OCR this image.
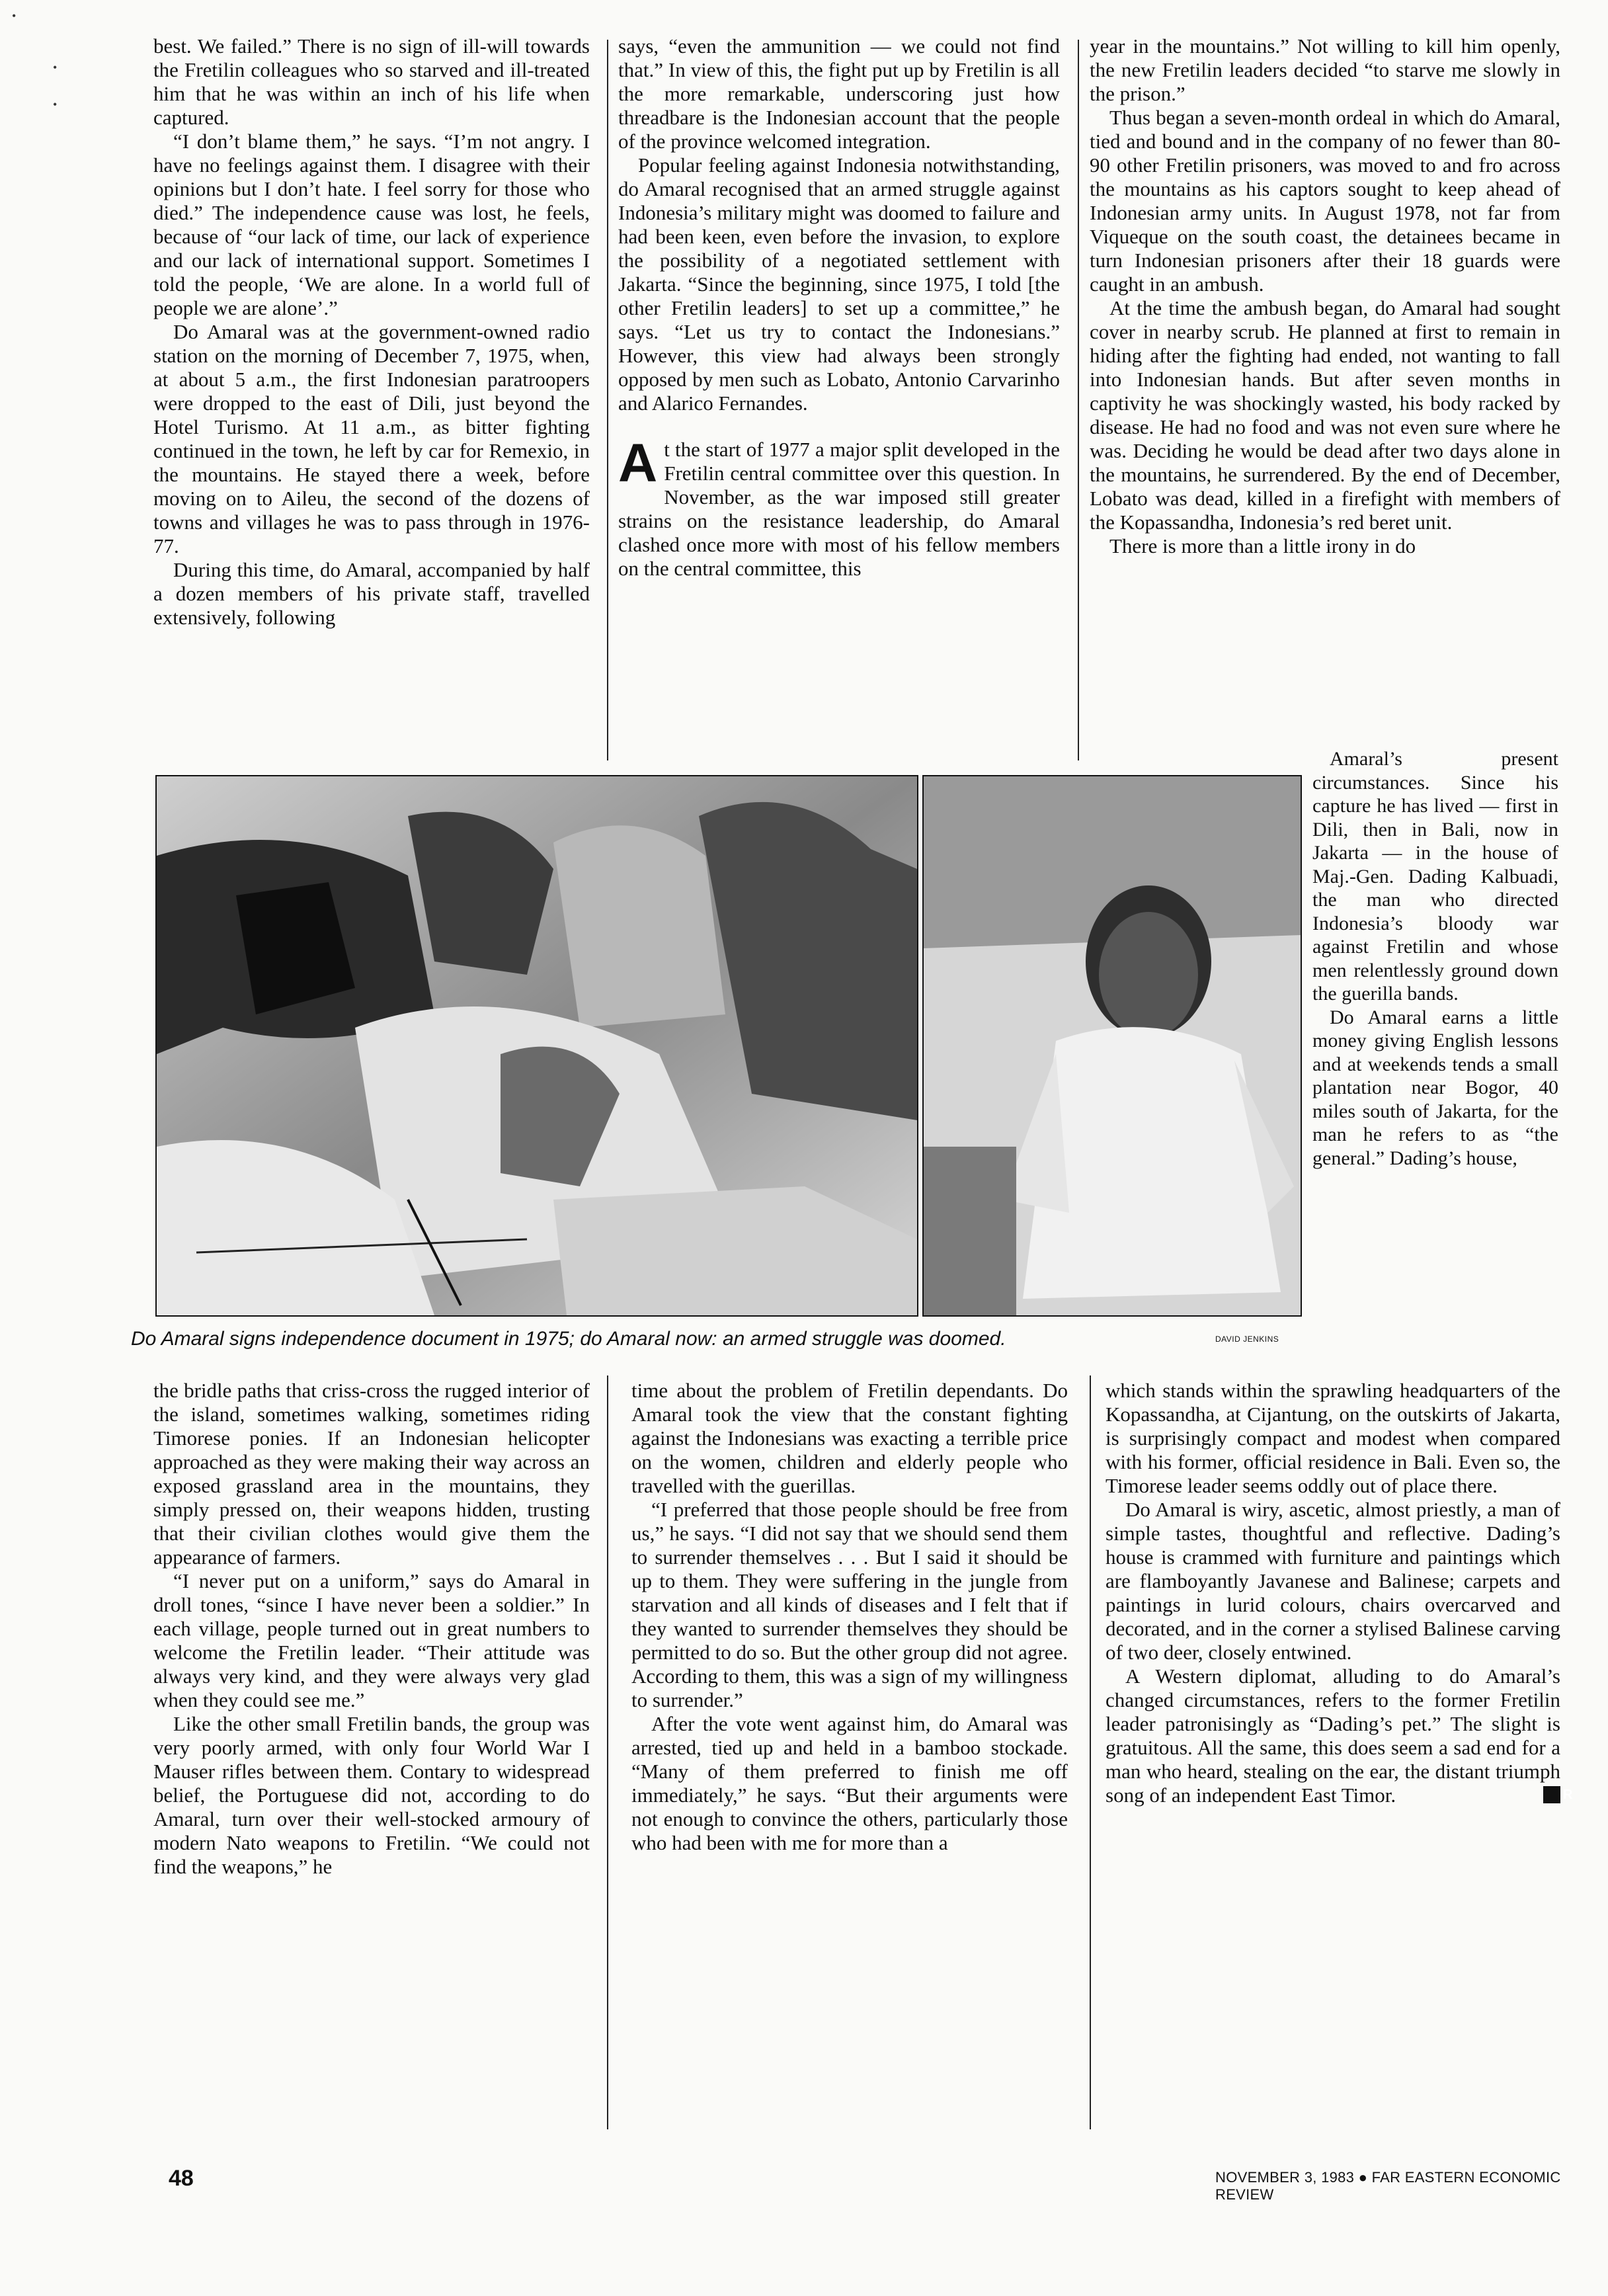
•
•
•

best. We failed.” There is no sign of ill-will towards the Fretilin colleagues who so starved and ill-treated him that he was within an inch of his life when captured.

“I don’t blame them,” he says. “I’m not angry. I have no feelings against them. I disagree with their opinions but I don’t hate. I feel sorry for those who died.” The independence cause was lost, he feels, because of “our lack of time, our lack of experience and our lack of international support. Sometimes I told the people, ‘We are alone. In a world full of people we are alone’.”

Do Amaral was at the government-owned radio station on the morning of December 7, 1975, when, at about 5 a.m., the first Indonesian paratroopers were dropped to the east of Dili, just beyond the Hotel Turismo. At 11 a.m., as bitter fighting continued in the town, he left by car for Remexio, in the mountains. He stayed there a week, before moving on to Aileu, the second of the dozens of towns and villages he was to pass through in 1976-77.

During this time, do Amaral, accompanied by half a dozen members of his private staff, travelled extensively, following

says, “even the ammunition — we could not find that.” In view of this, the fight put up by Fretilin is all the more remarkable, underscoring just how threadbare is the Indonesian account that the people of the province welcomed integration.

Popular feeling against Indonesia notwithstanding, do Amaral recognised that an armed struggle against Indonesia’s military might was doomed to failure and had been keen, even before the invasion, to explore the possibility of a negotiated settlement with Jakarta. “Since the beginning, since 1975, I told [the other Fretilin leaders] to set up a committee,” he says. “Let us try to contact the Indonesians.” However, this view had always been strongly opposed by men such as Lobato, Antonio Carvarinho and Alarico Fernandes.

At the start of 1977 a major split developed in the Fretilin central committee over this question. In November, as the war imposed still greater strains on the resistance leadership, do Amaral clashed once more with most of his fellow members on the central committee, this

year in the mountains.” Not willing to kill him openly, the new Fretilin leaders decided “to starve me slowly in the prison.”

Thus began a seven-month ordeal in which do Amaral, tied and bound and in the company of no fewer than 80-90 other Fretilin prisoners, was moved to and fro across the mountains as his captors sought to keep ahead of Indonesian army units. In August 1978, not far from Viqueque on the south coast, the detainees became in turn Indonesian prisoners after their 18 guards were caught in an ambush.

At the time the ambush began, do Amaral had sought cover in nearby scrub. He planned at first to remain in hiding after the fighting had ended, not wanting to fall into Indonesian hands. But after seven months in captivity he was shockingly wasted, his body racked by disease. He had no food and was not even sure where he was. Deciding he would be dead after two days alone in the mountains, he surrendered. By the end of December, Lobato was dead, killed in a firefight with members of the Kopassandha, Indonesia’s red beret unit.

There is more than a little irony in do

Do Amaral signs independence document in 1975; do Amaral now: an armed struggle was doomed.	DAVID JENKINS

Amaral’s present circumstances. Since his capture he has lived — first in Dili, then in Bali, now in Jakarta — in the house of Maj.-Gen. Dading Kalbuadi, the man who directed Indonesia’s bloody war against Fretilin and whose men relentlessly ground down the guerilla bands.

Do Amaral earns a little money giving English lessons and at weekends tends a small plantation near Bogor, 40 miles south of Jakarta, for the man he refers to as “the general.” Dading’s house,

the bridle paths that criss-cross the rugged interior of the island, sometimes walking, sometimes riding Timorese ponies. If an Indonesian helicopter approached as they were making their way across an exposed grassland area in the mountains, they simply pressed on, their weapons hidden, trusting that their civilian clothes would give them the appearance of farmers.

“I never put on a uniform,” says do Amaral in droll tones, “since I have never been a soldier.” In each village, people turned out in great numbers to welcome the Fretilin leader. “Their attitude was always very kind, and they were always very glad when they could see me.”

Like the other small Fretilin bands, the group was very poorly armed, with only four World War I Mauser rifles between them. Contary to widespread belief, the Portuguese did not, according to do Amaral, turn over their well-stocked armoury of modern Nato weapons to Fretilin. “We could not find the weapons,” he

time about the problem of Fretilin dependants. Do Amaral took the view that the constant fighting against the Indonesians was exacting a terrible price on the women, children and elderly people who travelled with the guerillas.

“I preferred that those people should be free from us,” he says. “I did not say that we should send them to surrender themselves . . . But I said it should be up to them. They were suffering in the jungle from starvation and all kinds of diseases and I felt that if they wanted to surrender themselves they should be permitted to do so. But the other group did not agree. According to them, this was a sign of my willingness to surrender.”

After the vote went against him, do Amaral was arrested, tied up and held in a bamboo stockade. “Many of them preferred to finish me off immediately,” he says. “But their arguments were not enough to convince the others, particularly those who had been with me for more than a

which stands within the sprawling headquarters of the Kopassandha, at Cijantung, on the outskirts of Jakarta, is surprisingly compact and modest when compared with his former, official residence in Bali. Even so, the Timorese leader seems oddly out of place there.

Do Amaral is wiry, ascetic, almost priestly, a man of simple tastes, thoughtful and reflective. Dading’s house is crammed with furniture and paintings which are flamboyantly Javanese and Balinese; carpets and paintings in lurid colours, chairs overcarved and decorated, and in the corner a stylised Balinese carving of two deer, closely entwined.

A Western diplomat, alluding to do Amaral’s changed circumstances, refers to the former Fretilin leader patronisingly as “Dading’s pet.” The slight is gratuitous. All the same, this does seem a sad end for a man who heard, stealing on the ear, the distant triumph song of an independent East Timor.	R

48	NOVEMBER 3, 1983 ● FAR EASTERN ECONOMIC REVIEW
